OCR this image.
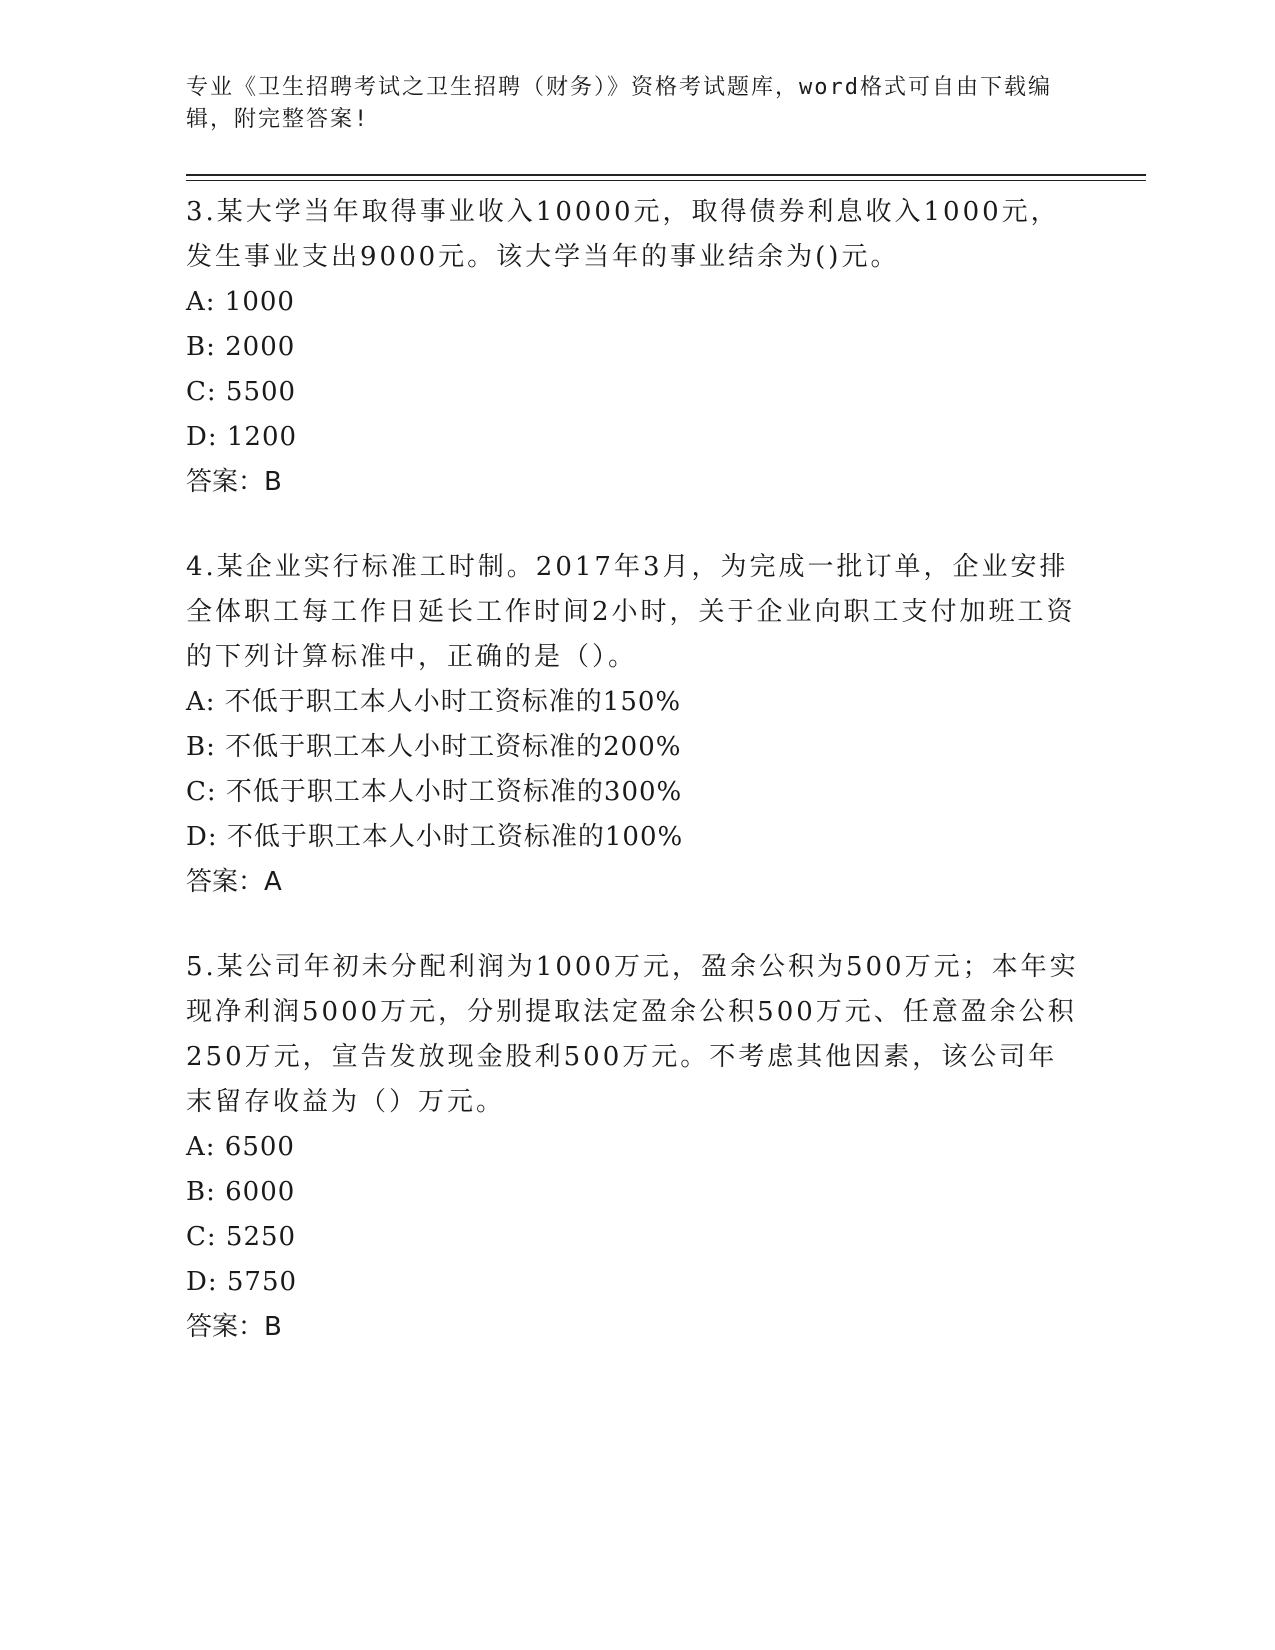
专业《卫生招聘考试之卫生招聘（财务）》资格考试题库，word格式可自由下载编辑，附完整答案!
3.某大学当年取得事业收入10000元，取得债券利息收入1000元，发生事业支出9000元。该大学当年的事业结余为()元。
A: 1000
B: 2000
C: 5500
D: 1200
答案：B
4.某企业实行标准工时制。2017年3月，为完成一批订单，企业安排全体职工每工作日延长工作时间2小时，关于企业向职工支付加班工资的下列计算标准中，正确的是（）。
A: 不低于职工本人小时工资标准的150%
B: 不低于职工本人小时工资标准的200%
C: 不低于职工本人小时工资标准的300%
D: 不低于职工本人小时工资标准的100%
答案：A
5.某公司年初未分配利润为1000万元，盈余公积为500万元；本年实现净利润5000万元，分别提取法定盈余公积500万元、任意盈余公积250万元，宣告发放现金股利500万元。不考虑其他因素，该公司年末留存收益为（）万元。
A: 6500
B: 6000
C: 5250
D: 5750
答案：B
